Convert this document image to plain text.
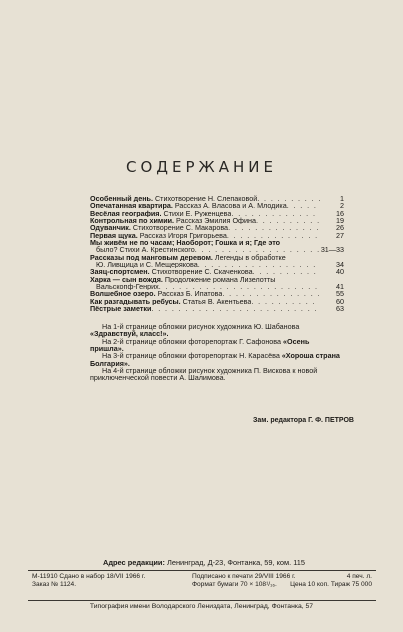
СОДЕРЖАНИЕ
Особенный день. Стихотворение Н. Слепаковой . . .	1
Опечатанная квартира. Рассказ А. Власова и А. Млодика . . .	2
Весёлая география. Стихи Е. Руженцева . . .	16
Контрольная по химии. Рассказ Эмилия Офина . . .	19
Одуванчик. Стихотворение С. Макарова . . .	26
Первая щука. Рассказ Игоря Григорьева . . .	27
Мы живём не по часам; Наоборот; Гошка и я; Где это
было? Стихи А. Крестинского . . .	31—33
Рассказы под манговым деревом. Легенды в обработке
Ю. Ливщица и С. Мещерякова . . .	34
Заяц-спортсмен. Стихотворение С. Скаченкова . . .	40
Харка — сын вождя. Продолжение романа Лизелотты
Вальскопф-Генрих . . .	41
Волшебное озеро. Рассказ Б. Ипатова . . .	55
Как разгадывать ребусы. Статья В. Акентьева . . .	60
Пёстрые заметки . . .	63

На 1-й странице обложки рисунок художника Ю. Шабанова «Здравствуй, класс!».

На 2-й странице обложки фоторепортаж Г. Сафонова «Осень пришла».

На 3-й странице обложки фоторепортаж Н. Карасёва «Хороша страна Болгария».

На 4-й странице обложки рисунок художника П. Вискова к новой приключенческой повести А. Шалимова.

Зам. редактора Г. Ф. ПЕТРОВ
Адрес редакции: Ленинград, Д-23, Фонтанка, 59, ком. 115
М-11910 Сдано в набор 18/VII 1966 г.	Подписано к печати 29/VIII 1966 г.	4 печ. л.
Заказ № 1124.	Формат бумаги 70 × 108¹/₁₆.	Цена 10 коп. Тираж 75 000
Типография имени Володарского Лениздата, Ленинград, Фонтанка, 57
